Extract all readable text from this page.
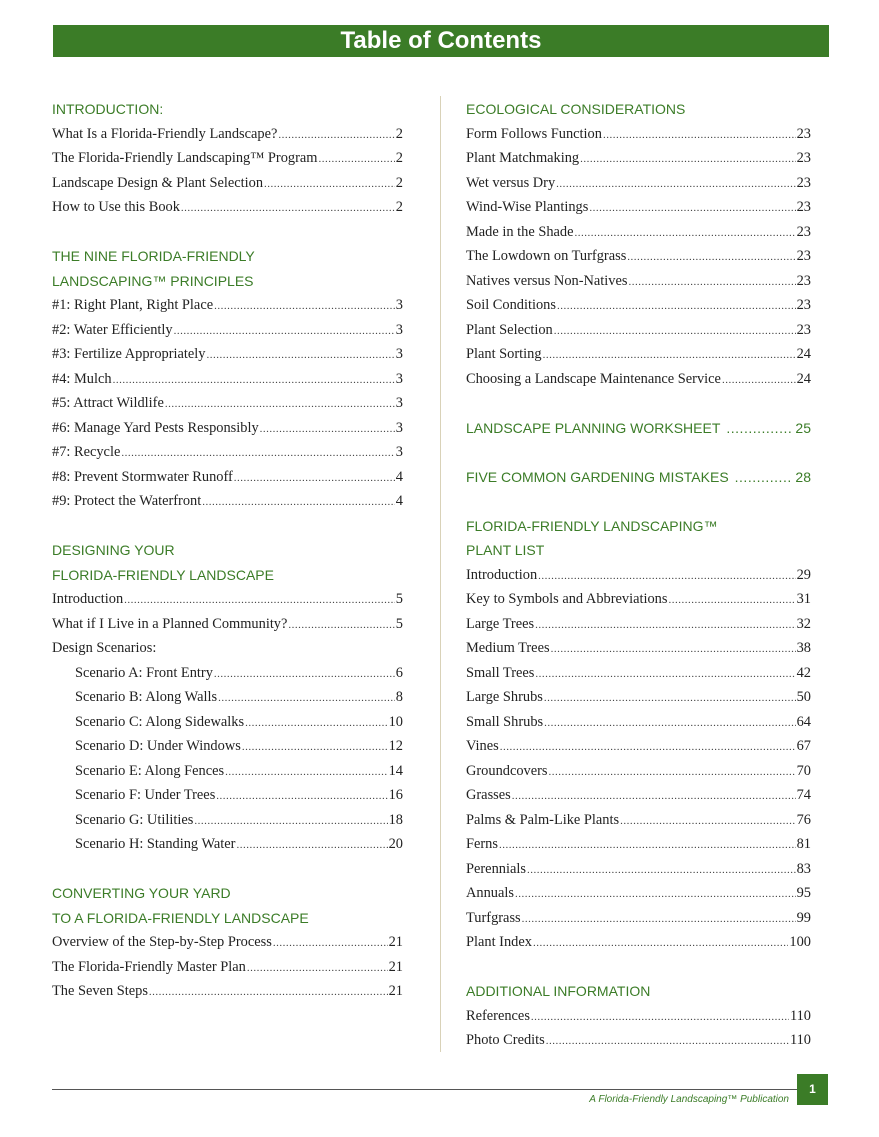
Table of Contents
INTRODUCTION:
What Is a Florida-Friendly Landscape? .....	2
The Florida-Friendly Landscaping™ Program .....	2
Landscape Design & Plant Selection .....	2
How to Use this Book .....	2
THE NINE FLORIDA-FRIENDLY
LANDSCAPING™ PRINCIPLES
#1: Right Plant, Right Place .....	3
#2: Water Efficiently .....	3
#3: Fertilize Appropriately .....	3
#4: Mulch .....	3
#5: Attract Wildlife .....	3
#6: Manage Yard Pests Responsibly .....	3
#7: Recycle .....	3
#8: Prevent Stormwater Runoff .....	4
#9: Protect the Waterfront .....	4
DESIGNING YOUR
FLORIDA-FRIENDLY LANDSCAPE
Introduction .....	5
What if I Live in a Planned Community? .....	5
Design Scenarios:
Scenario A: Front Entry .....	6
Scenario B: Along Walls .....	8
Scenario C: Along Sidewalks .....	10
Scenario D: Under Windows .....	12
Scenario E: Along Fences .....	14
Scenario F: Under Trees .....	16
Scenario G: Utilities .....	18
Scenario H: Standing Water .....	20
CONVERTING YOUR YARD
TO A FLORIDA-FRIENDLY LANDSCAPE
Overview of the Step-by-Step Process .....	21
The Florida-Friendly Master Plan .....	21
The Seven Steps .....	21
ECOLOGICAL CONSIDERATIONS
Form Follows Function .....	23
Plant Matchmaking .....	23
Wet versus Dry .....	23
Wind-Wise Plantings .....	23
Made in the Shade .....	23
The Lowdown on Turfgrass .....	23
Natives versus Non-Natives .....	23
Soil Conditions .....	23
Plant Selection .....	23
Plant Sorting .....	24
Choosing a Landscape Maintenance Service .....	24
LANDSCAPE PLANNING WORKSHEET .....	25
FIVE COMMON GARDENING MISTAKES .....	28
FLORIDA-FRIENDLY LANDSCAPING™
PLANT LIST
Introduction .....	29
Key to Symbols and Abbreviations .....	31
Large Trees .....	32
Medium Trees .....	38
Small Trees .....	42
Large Shrubs .....	50
Small Shrubs .....	64
Vines .....	67
Groundcovers .....	70
Grasses .....	74
Palms & Palm-Like Plants .....	76
Ferns .....	81
Perennials .....	83
Annuals .....	95
Turfgrass .....	99
Plant Index .....	100
ADDITIONAL INFORMATION
References .....	110
Photo Credits .....	110
A Florida-Friendly Landscaping™ Publication
1
